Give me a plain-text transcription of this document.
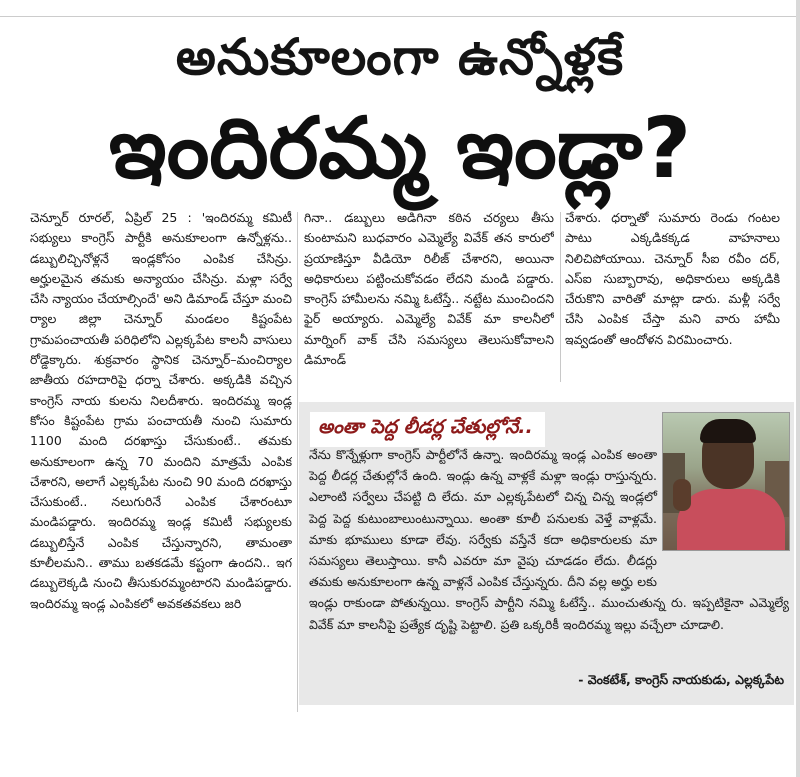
అనుకూలంగా ఉన్నోళ్లకే
ఇందిరమ్మ ఇండ్లా?
చెన్నూర్ రూరల్, ఏప్రిల్ 25 : 'ఇందిరమ్మ కమిటీ సభ్యులు కాంగ్రెస్ పార్టీకి అనుకూలంగా ఉన్నోళ్లను.. డబ్బులిచ్చినోళ్లనే ఇండ్లకోసం ఎంపిక చేసిన్రు. అర్హులమైన తమకు అన్యాయం చేసిన్రు. మళ్లా సర్వే చేసి న్యాయం చేయాల్సిందే' అని డిమాండ్ చేస్తూ మంచి ర్యాల జిల్లా చెన్నూర్ మండలం కిష్టంపేట గ్రామపంచాయతీ పరిధిలోని ఎల్లక్కపేట కాలనీ వాసులు రోడ్డెక్కారు. శుక్రవారం స్థానిక చెన్నూర్–మంచిర్యాల జాతీయ రహదారిపై ధర్నా చేశారు. అక్కడికి వచ్చిన కాంగ్రెస్ నాయ కులను నిలదీశారు. ఇందిరమ్మ ఇండ్ల కోసం కిష్టంపేట గ్రామ పంచాయతీ నుంచి సుమారు 1100 మంది దరఖాస్తు చేసుకుంటే.. తమకు అనుకూలంగా ఉన్న 70 మందిని మాత్రమే ఎంపిక చేశారని, అలాగే ఎల్లక్కపేట నుంచి 90 మంది దరఖాస్తు చేసుకుంటే.. నలుగురినే ఎంపిక చేశారంటూ మండిపడ్డారు. ఇందిరమ్మ ఇండ్ల కమిటీ సభ్యులకు డబ్బులిస్తేనే ఎంపిక చేస్తున్నారని, తామంతా కూలీలమని.. తాము బతకడమే కష్టంగా ఉందని.. ఇగ డబ్బులెక్కడి నుంచి తీసుకురమ్మంటారని మండిపడ్డారు. ఇందిరమ్మ ఇండ్ల ఎంపికలో అవకతవకలు జరి
గినా.. డబ్బులు అడిగినా కఠిన చర్యలు తీసు కుంటామని బుధవారం ఎమ్మెల్యే వివేక్ తన కారులో ప్రయాణిస్తూ వీడియో రిలీజ్ చేశారని, అయినా అధికారులు పట్టించుకోవడం లేదని మండి పడ్డారు. కాంగ్రెస్ హామీలను నమ్మి ఓటేస్తే.. నట్టేట ముంచిందని ఫైర్ అయ్యారు. ఎమ్మెల్యే వివేక్ మా కాలనీలో మార్నింగ్ వాక్ చేసి సమస్యలు తెలుసుకోవాలని డిమాండ్
చేశారు. ధర్నాతో సుమారు రెండు గంటల పాటు ఎక్కడికక్కడ వాహనాలు నిలిచిపోయాయి. చెన్నూర్ సీఐ రవీం దర్, ఎస్ఐ సుబ్బారావు, అధికారులు అక్కడికి చేరుకొని వారితో మాట్లా డారు. మళ్లీ సర్వే చేసి ఎంపిక చేస్తా మని వారు హామీ ఇవ్వడంతో ఆందోళన విరమించారు.
అంతా పెద్ద లీడర్ల చేతుల్లోనే..
నేను కొన్నేళ్లుగా కాంగ్రెస్ పార్టీలోనే ఉన్నా. ఇందిరమ్మ ఇండ్ల ఎంపిక అంతా పెద్ద లీడర్ల చేతుల్లోనే ఉంది. ఇండ్లు ఉన్న వాళ్లకే మళ్లా ఇండ్లు రాస్తున్నరు. ఎలాంటి సర్వేలు చేపట్టి ది లేదు. మా ఎల్లక్కపేటలో చిన్న చిన్న ఇండ్లలో పెద్ద పెద్ద కుటుంబాలుంటున్నాయి. అంతా కూలీ పనులకు వెళ్తే వాళ్లమే. మాకు భూములు కూడా లేవు. సర్వేకు వస్తేనే కదా అధికారులకు మా సమస్యలు తెలుస్తాయి. కానీ ఎవరూ మా వైపు చూడడం లేదు. లీడర్లు తమకు అనుకూలంగా ఉన్న వాళ్లనే ఎంపిక చేస్తున్నరు. దీని వల్ల అర్హు లకు ఇండ్లు రాకుండా పోతున్నయి. కాంగ్రెస్ పార్టీని నమ్మి ఓటేస్తే.. ముంచుతున్న రు. ఇప్పటికైనా ఎమ్మెల్యే వివేక్ మా కాలనీపై ప్రత్యేక దృష్టి పెట్టాలి. ప్రతి ఒక్కరికీ ఇందిరమ్మ ఇల్లు వచ్చేలా చూడాలి.
- వెంకటేశ్, కాంగ్రెస్ నాయకుడు, ఎల్లక్కపేట
